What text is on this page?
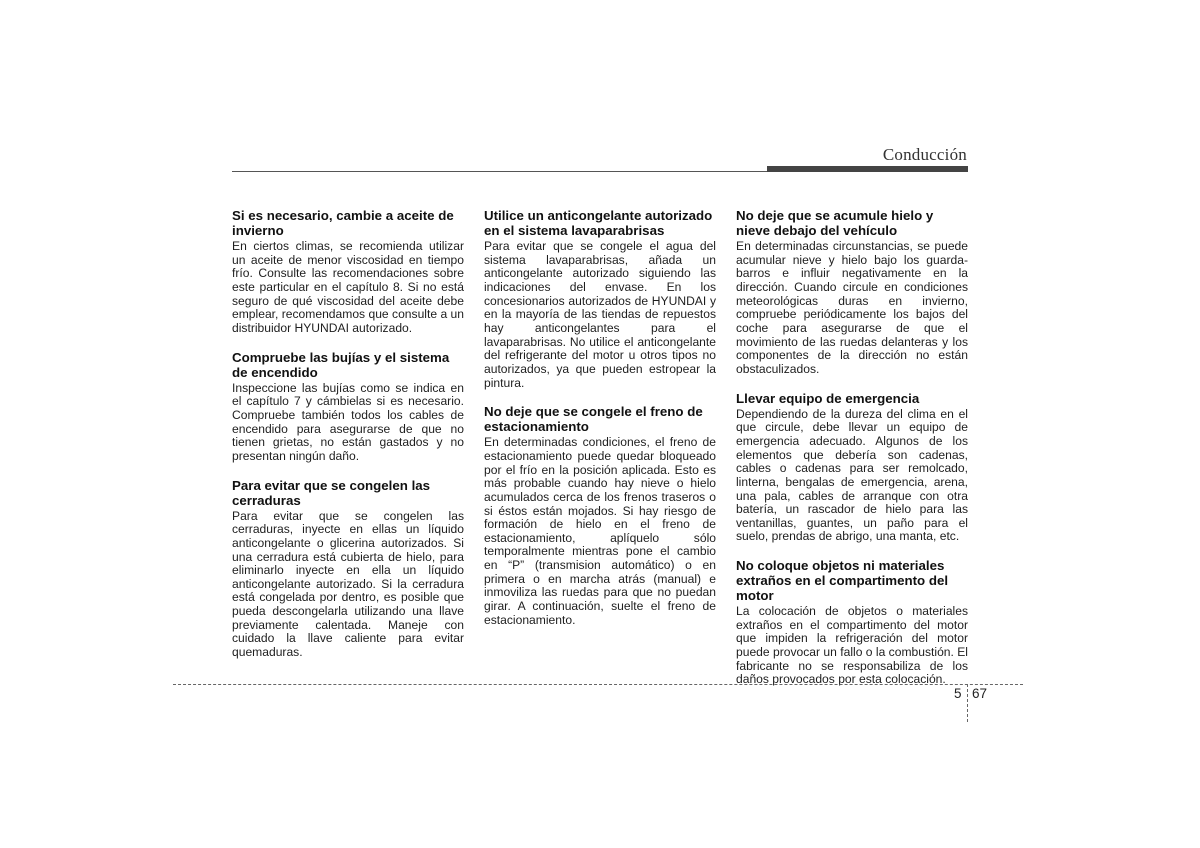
Conducción

Si es necesario, cambie a aceite de invierno

En ciertos climas, se recomienda utilizar un aceite de menor viscosidad en tiempo frío. Consulte las recomendaciones sobre este particular en el capítulo 8. Si no está seguro de qué viscosidad del aceite debe emplear, recomendamos que consulte a un distribuidor HYUNDAI autorizado.

Compruebe las bujías y el sistema de encendido

Inspeccione las bujías como se indica en el capítulo 7 y cámbielas si es necesario. Compruebe también todos los cables de encendido para asegurarse de que no tienen grietas, no están gastados y no presentan ningún daño.

Para evitar que se congelen las cerraduras

Para evitar que se congelen las cerraduras, inyecte en ellas un líquido anticongelante o glicerina autorizados. Si una cerradura está cubierta de hielo, para eliminarlo inyecte en ella un líquido anticongelante autorizado. Si la cerradura está congelada por dentro, es posible que pueda descongelarla utilizando una llave previamente calentada. Maneje con cuidado la llave caliente para evitar quemaduras.

Utilice un anticongelante autorizado en el sistema lavaparabrisas

Para evitar que se congele el agua del sistema lavaparabrisas, añada un anticongelante autorizado siguiendo las indicaciones del envase. En los concesionarios autorizados de HYUNDAI y en la mayoría de las tiendas de repuestos hay anticongelantes para el lavaparabrisas. No utilice el anticongelante del refrigerante del motor u otros tipos no autorizados, ya que pueden estropear la pintura.

No deje que se congele el freno de estacionamiento

En determinadas condiciones, el freno de estacionamiento puede quedar bloqueado por el frío en la posición aplicada. Esto es más probable cuando hay nieve o hielo acumulados cerca de los frenos traseros o si éstos están mojados. Si hay riesgo de formación de hielo en el freno de estacionamiento, aplíquelo sólo temporalmente mientras pone el cambio en “P” (transmision automático) o en primera o en marcha atrás (manual) e inmoviliza las ruedas para que no puedan girar. A continuación, suelte el freno de estacionamiento.

No deje que se acumule hielo y nieve debajo del vehículo

En determinadas circunstancias, se puede acumular nieve y hielo bajo los guarda-barros e influir negativamente en la dirección. Cuando circule en condiciones meteorológicas duras en invierno, compruebe periódicamente los bajos del coche para asegurarse de que el movimiento de las ruedas delanteras y los componentes de la dirección no están obstaculizados.

Llevar equipo de emergencia

Dependiendo de la dureza del clima en el que circule, debe llevar un equipo de emergencia adecuado. Algunos de los elementos que debería son cadenas, cables o cadenas para ser remolcado, linterna, bengalas de emergencia, arena, una pala, cables de arranque con otra batería, un rascador de hielo para las ventanillas, guantes, un paño para el suelo, prendas de abrigo, una manta, etc.

No coloque objetos ni materiales extraños en el compartimento del motor

La colocación de objetos o materiales extraños en el compartimento del motor que impiden la refrigeración del motor puede provocar un fallo o la combustión. El fabricante no se responsabiliza de los daños provocados por esta colocación.

5 67
